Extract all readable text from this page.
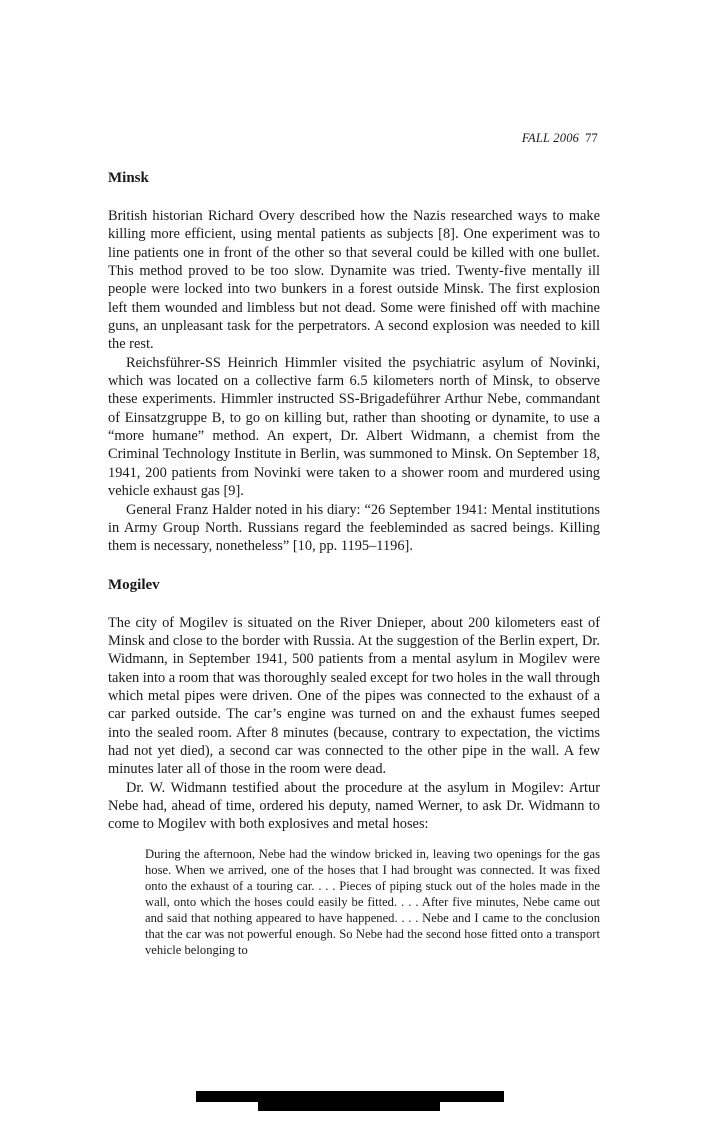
FALL 2006 77
Minsk

British historian Richard Overy described how the Nazis researched ways to make killing more efficient, using mental patients as subjects [8]. One experiment was to line patients one in front of the other so that several could be killed with one bullet. This method proved to be too slow. Dynamite was tried. Twenty-five mentally ill people were locked into two bunkers in a forest outside Minsk. The first explosion left them wounded and limbless but not dead. Some were finished off with machine guns, an unpleasant task for the perpetrators. A second explosion was needed to kill the rest.

Reichsführer-SS Heinrich Himmler visited the psychiatric asylum of Novinki, which was located on a collective farm 6.5 kilometers north of Minsk, to observe these experiments. Himmler instructed SS-Brigadeführer Arthur Nebe, commandant of Einsatzgruppe B, to go on killing but, rather than shooting or dynamite, to use a “more humane” method. An expert, Dr. Albert Widmann, a chemist from the Criminal Technology Institute in Berlin, was summoned to Minsk. On September 18, 1941, 200 patients from Novinki were taken to a shower room and murdered using vehicle exhaust gas [9].

General Franz Halder noted in his diary: “26 September 1941: Mental institutions in Army Group North. Russians regard the feebleminded as sacred beings. Killing them is necessary, nonetheless” [10, pp. 1195–1196].

Mogilev

The city of Mogilev is situated on the River Dnieper, about 200 kilometers east of Minsk and close to the border with Russia. At the suggestion of the Berlin expert, Dr. Widmann, in September 1941, 500 patients from a mental asylum in Mogilev were taken into a room that was thoroughly sealed except for two holes in the wall through which metal pipes were driven. One of the pipes was connected to the exhaust of a car parked outside. The car’s engine was turned on and the exhaust fumes seeped into the sealed room. After 8 minutes (because, contrary to expectation, the victims had not yet died), a second car was connected to the other pipe in the wall. A few minutes later all of those in the room were dead.

Dr. W. Widmann testified about the procedure at the asylum in Mogilev: Artur Nebe had, ahead of time, ordered his deputy, named Werner, to ask Dr. Widmann to come to Mogilev with both explosives and metal hoses:

During the afternoon, Nebe had the window bricked in, leaving two openings for the gas hose. When we arrived, one of the hoses that I had brought was connected. It was fixed onto the exhaust of a touring car. . . . Pieces of piping stuck out of the holes made in the wall, onto which the hoses could easily be fitted. . . . After five minutes, Nebe came out and said that nothing appeared to have happened. . . . Nebe and I came to the conclusion that the car was not powerful enough. So Nebe had the second hose fitted onto a transport vehicle belonging to
